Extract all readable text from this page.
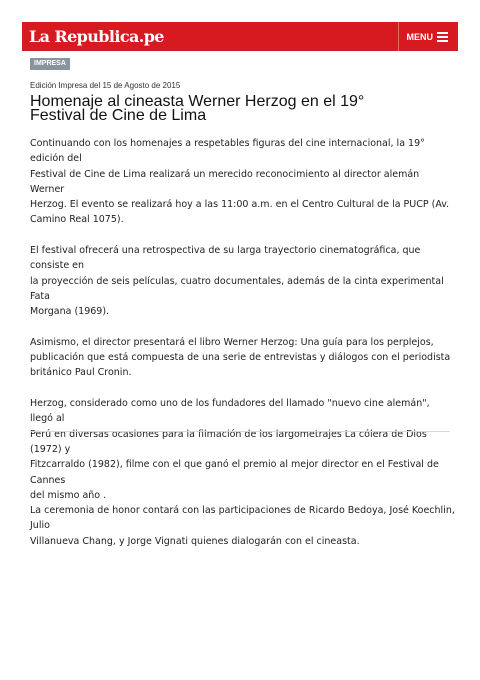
La Republica.pe	MENU
IMPRESA
Edición Impresa del 15 de Agosto de 2015
Homenaje al cineasta Werner Herzog en el 19°
Festival de Cine de Lima

Continuando con los homenajes a respetables figuras del cine internacional, la 19° edición del
Festival de Cine de Lima realizará un merecido reconocimiento al director alemán Werner
Herzog. El evento se realizará hoy a las 11:00 a.m. en el Centro Cultural de la PUCP (Av.
Camino Real 1075).

El festival ofrecerá una retrospectiva de su larga trayectorio cinematográfica, que consiste en
la proyección de seis películas, cuatro documentales, además de la cinta experimental Fata
Morgana (1969).

Asimismo, el director presentará el libro Werner Herzog: Una guía para los perplejos,
publicación que está compuesta de una serie de entrevistas y diálogos con el periodista
británico Paul Cronin.

Herzog, considerado como uno de los fundadores del llamado "nuevo cine alemán", llegó al
Perú en diversas ocasiones para la filmación de los largometrajes La cólera de Dios (1972) y
Fitzcarraldo (1982), filme con el que ganó el premio al mejor director en el Festival de Cannes
del mismo año .

La ceremonia de honor contará con las participaciones de Ricardo Bedoya, José Koechlin, Julio
Villanueva Chang, y Jorge Vignati quienes dialogarán con el cineasta.
